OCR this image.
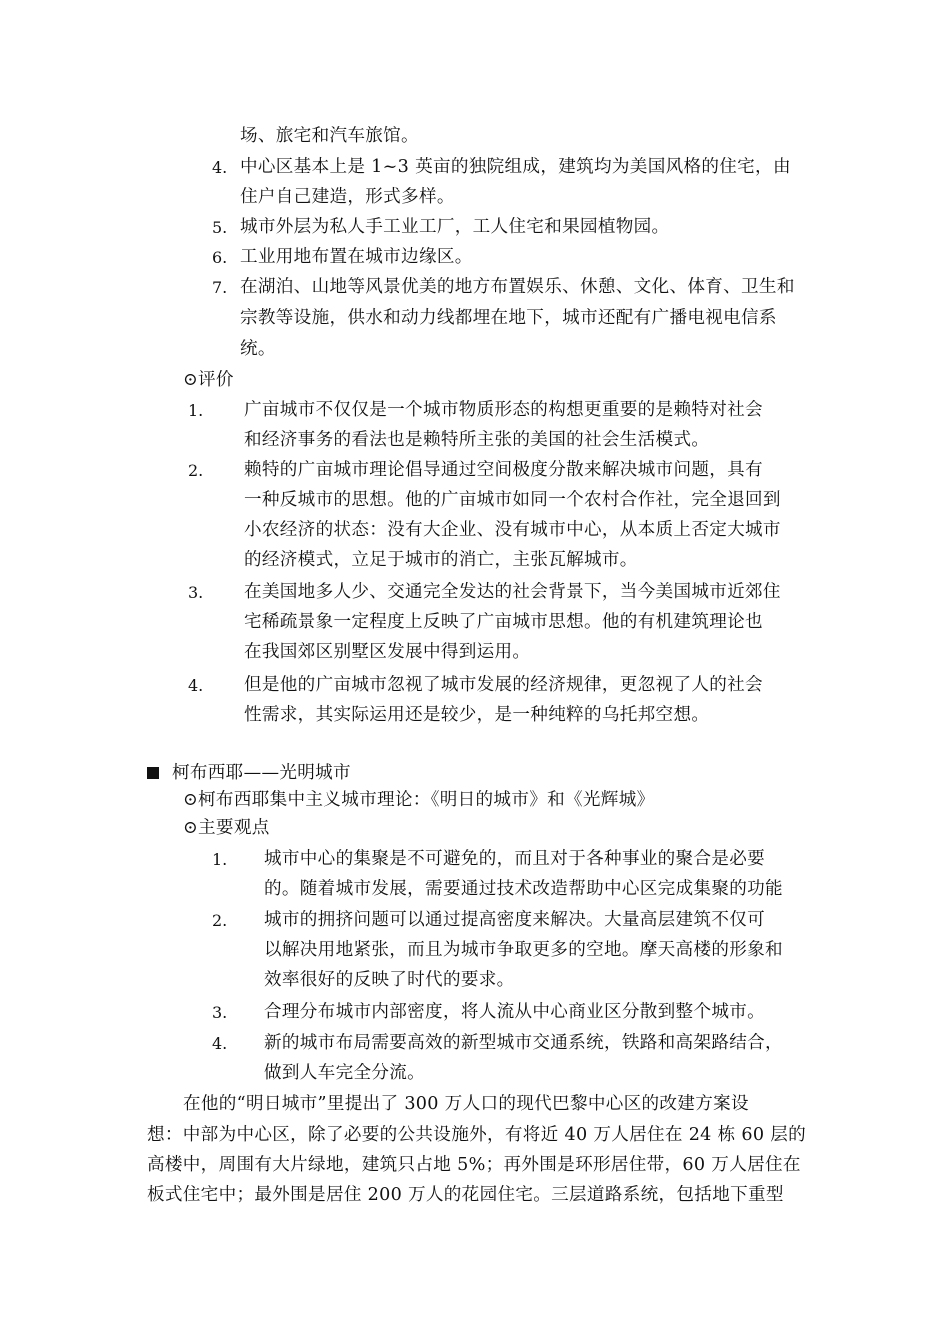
场、旅宅和汽车旅馆。
4. 中心区基本上是 1~3 英亩的独院组成，建筑均为美国风格的住宅，由
住户自己建造，形式多样。
5. 城市外层为私人手工业工厂，工人住宅和果园植物园。
6. 工业用地布置在城市边缘区。
7. 在湖泊、山地等风景优美的地方布置娱乐、休憩、文化、体育、卫生和
宗教等设施，供水和动力线都埋在地下，城市还配有广播电视电信系
统。
⊙评价
1. 广亩城市不仅仅是一个城市物质形态的构想更重要的是赖特对社会
和经济事务的看法也是赖特所主张的美国的社会生活模式。
2. 赖特的广亩城市理论倡导通过空间极度分散来解决城市问题，具有
一种反城市的思想。他的广亩城市如同一个农村合作社，完全退回到
小农经济的状态：没有大企业、没有城市中心，从本质上否定大城市
的经济模式，立足于城市的消亡，主张瓦解城市。
3. 在美国地多人少、交通完全发达的社会背景下，当今美国城市近郊住
宅稀疏景象一定程度上反映了广亩城市思想。他的有机建筑理论也
在我国郊区别墅区发展中得到运用。
4. 但是他的广亩城市忽视了城市发展的经济规律，更忽视了人的社会
性需求，其实际运用还是较少，是一种纯粹的乌托邦空想。
柯布西耶——光明城市
⊙柯布西耶集中主义城市理论：《明日的城市》和《光辉城》
⊙主要观点
1. 城市中心的集聚是不可避免的，而且对于各种事业的聚合是必要
的。随着城市发展，需要通过技术改造帮助中心区完成集聚的功能
2. 城市的拥挤问题可以通过提高密度来解决。大量高层建筑不仅可
以解决用地紧张，而且为城市争取更多的空地。摩天高楼的形象和
效率很好的反映了时代的要求。
3. 合理分布城市内部密度，将人流从中心商业区分散到整个城市。
4. 新的城市布局需要高效的新型城市交通系统，铁路和高架路结合，
做到人车完全分流。
在他的“明日城市”里提出了 300 万人口的现代巴黎中心区的改建方案设
想：中部为中心区，除了必要的公共设施外，有将近 40 万人居住在 24 栋 60 层的
高楼中，周围有大片绿地，建筑只占地 5%；再外围是环形居住带，60 万人居住在
板式住宅中；最外围是居住 200 万人的花园住宅。三层道路系统，包括地下重型
